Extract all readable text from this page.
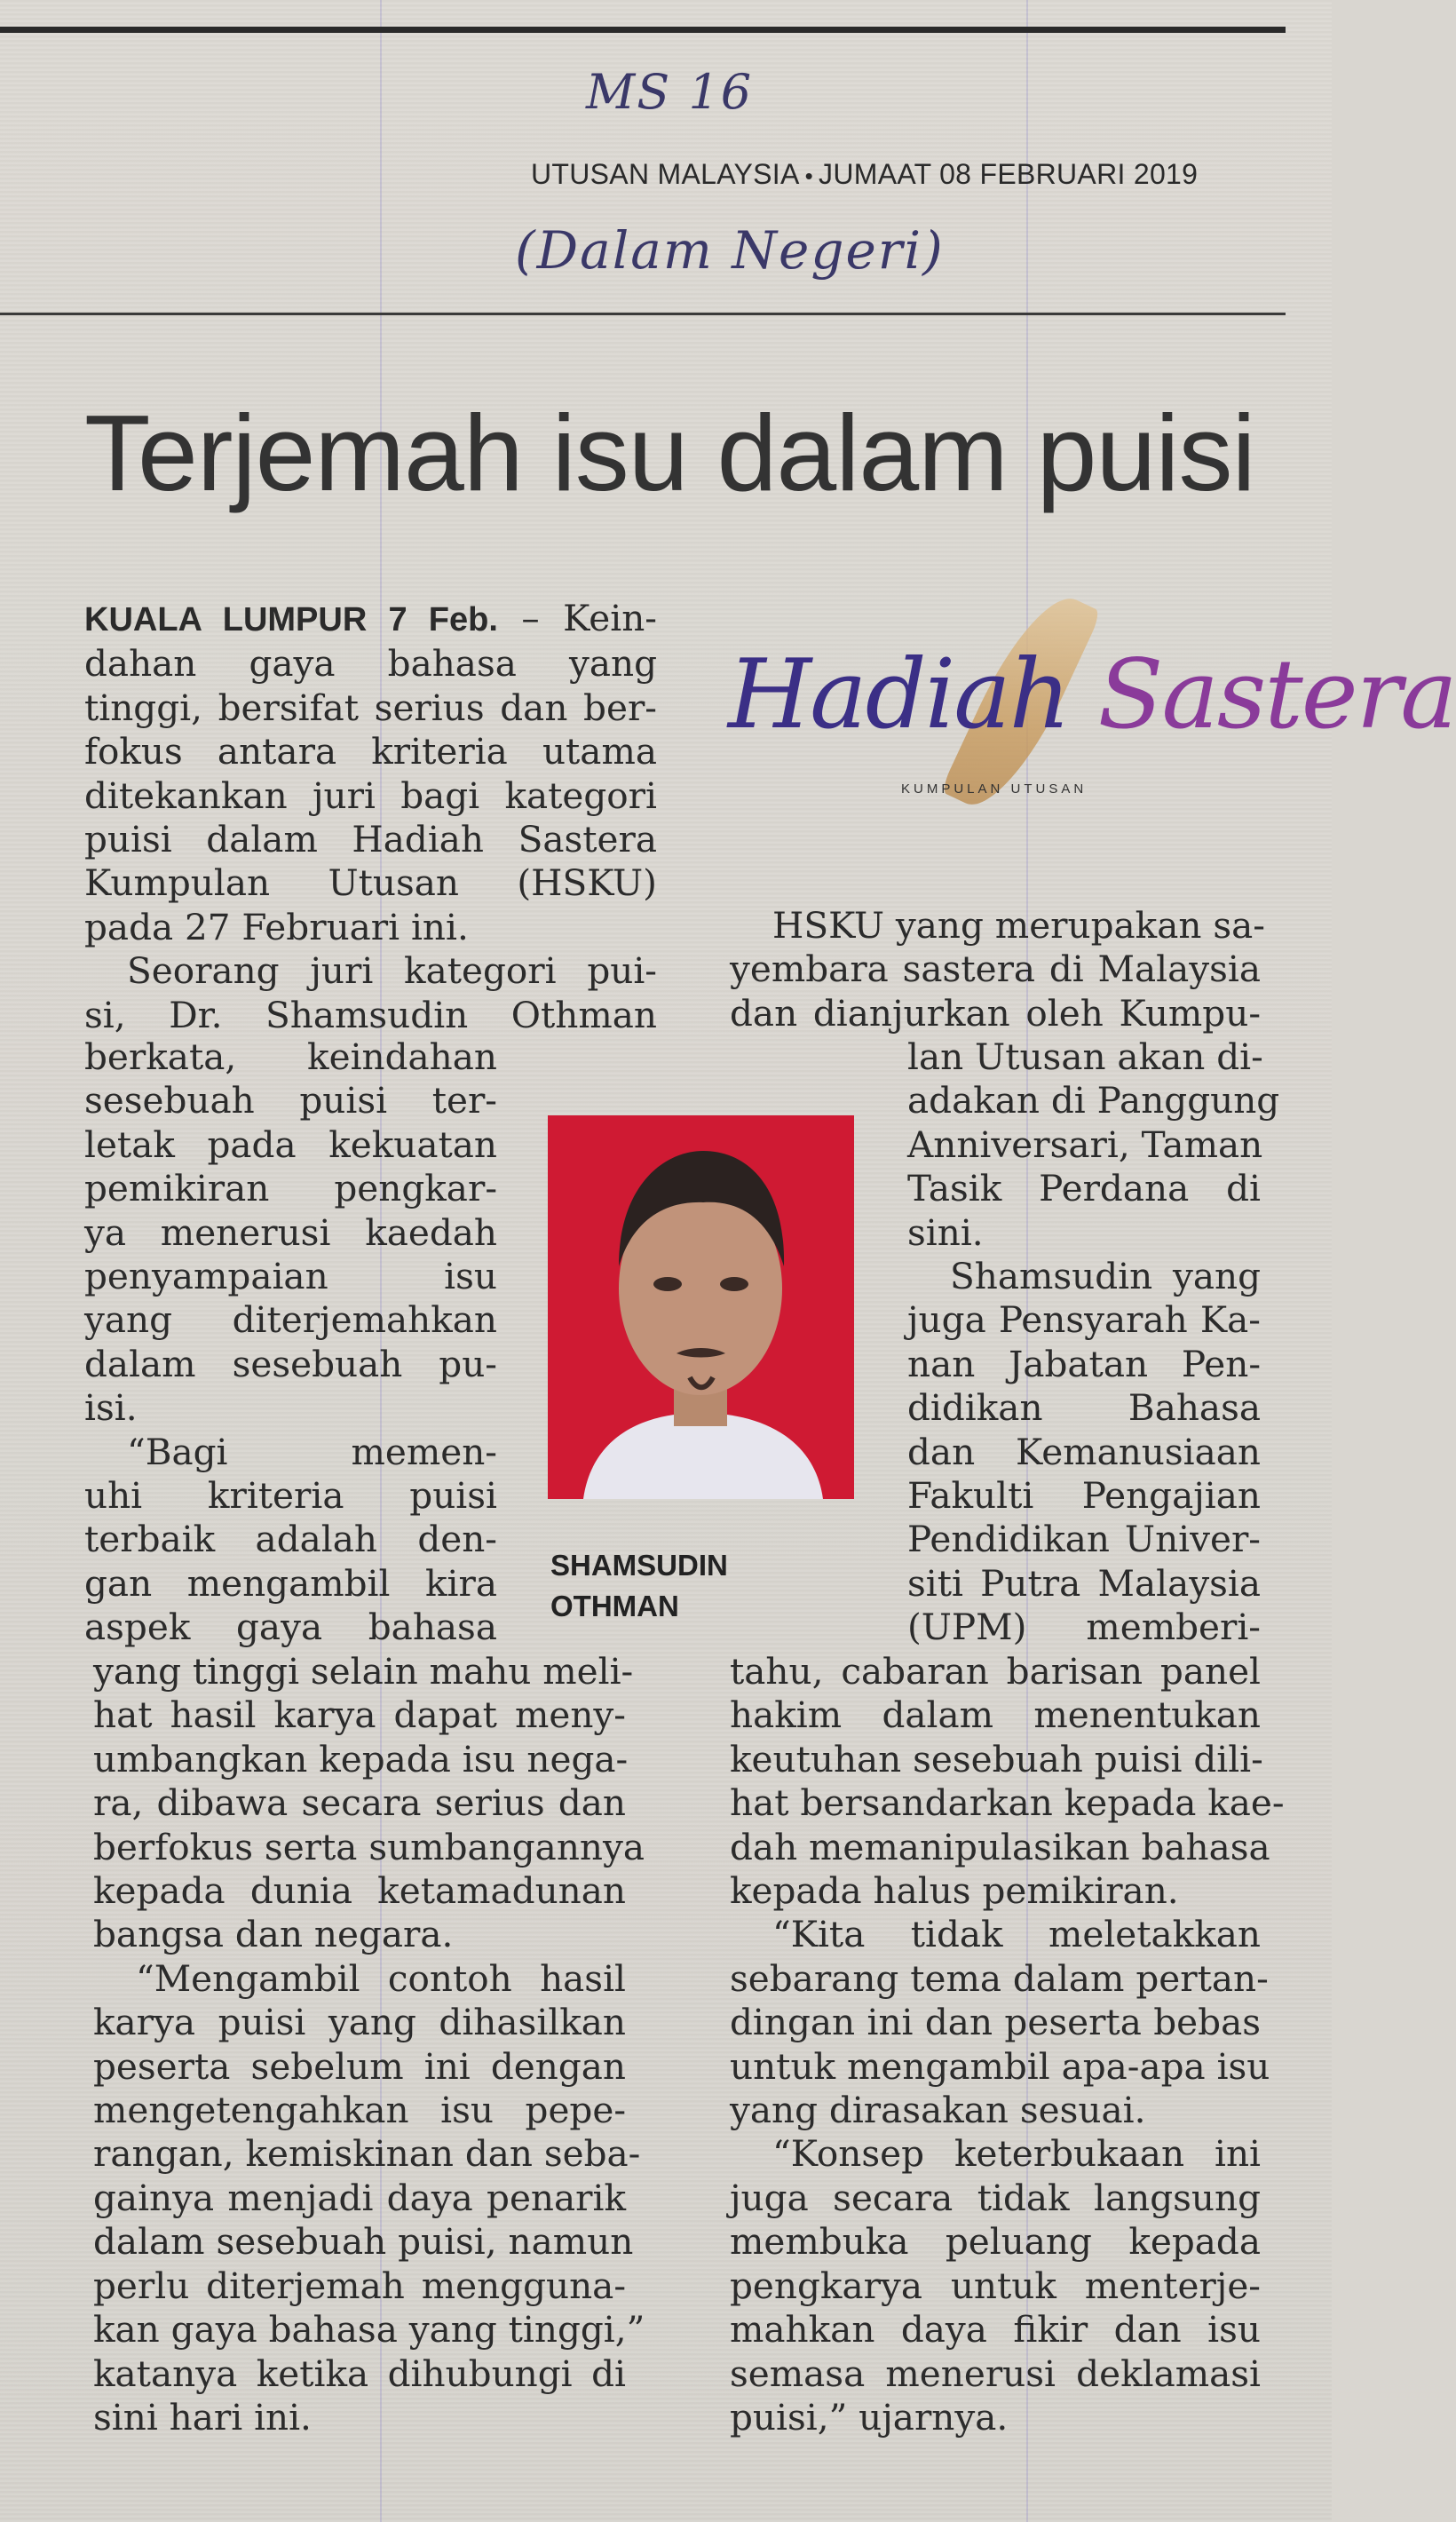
MS 16
UTUSAN MALAYSIA • JUMAAT 08 FEBRUARI 2019
(Dalam Negeri)
Terjemah isu dalam puisi
Hadiah Sastera
KUMPULAN UTUSAN
KUALA LUMPUR 7 Feb. – Kein-
dahan gaya bahasa yang
tinggi, bersifat serius dan ber-
fokus antara kriteria utama
ditekankan juri bagi kategori
puisi dalam Hadiah Sastera
Kumpulan Utusan (HSKU)
pada 27 Februari ini.
Seorang juri kategori pui-
si, Dr. Shamsudin Othman
berkata, keindahan
sesebuah puisi ter-
letak pada kekuatan
pemikiran pengkar-
ya menerusi kaedah
penyampaian isu
yang diterjemahkan
dalam sesebuah pu-
isi.
“Bagi memen-
uhi kriteria puisi
terbaik adalah den-
gan mengambil kira
aspek gaya bahasa
yang tinggi selain mahu meli-
hat hasil karya dapat meny-
umbangkan kepada isu nega-
ra, dibawa secara serius dan
berfokus serta sumbangannya
kepada dunia ketamadunan
bangsa dan negara.
“Mengambil contoh hasil
karya puisi yang dihasilkan
peserta sebelum ini dengan
mengetengahkan isu pepe-
rangan, kemiskinan dan seba-
gainya menjadi daya penarik
dalam sesebuah puisi, namun
perlu diterjemah mengguna-
kan gaya bahasa yang tinggi,”
katanya ketika dihubungi di
sini hari ini.
SHAMSUDIN
OTHMAN
HSKU yang merupakan sa-
yembara sastera di Malaysia
dan dianjurkan oleh Kumpu-
lan Utusan akan di-
adakan di Panggung
Anniversari, Taman
Tasik Perdana di
sini.
Shamsudin yang
juga Pensyarah Ka-
nan Jabatan Pen-
didikan Bahasa
dan Kemanusiaan
Fakulti Pengajian
Pendidikan Univer-
siti Putra Malaysia
(UPM) memberi-
tahu, cabaran barisan panel
hakim dalam menentukan
keutuhan sesebuah puisi dili-
hat bersandarkan kepada kae-
dah memanipulasikan bahasa
kepada halus pemikiran.
“Kita tidak meletakkan
sebarang tema dalam pertan-
dingan ini dan peserta bebas
untuk mengambil apa-apa isu
yang dirasakan sesuai.
“Konsep keterbukaan ini
juga secara tidak langsung
membuka peluang kepada
pengkarya untuk menterje-
mahkan daya fikir dan isu
semasa menerusi deklamasi
puisi,” ujarnya.
